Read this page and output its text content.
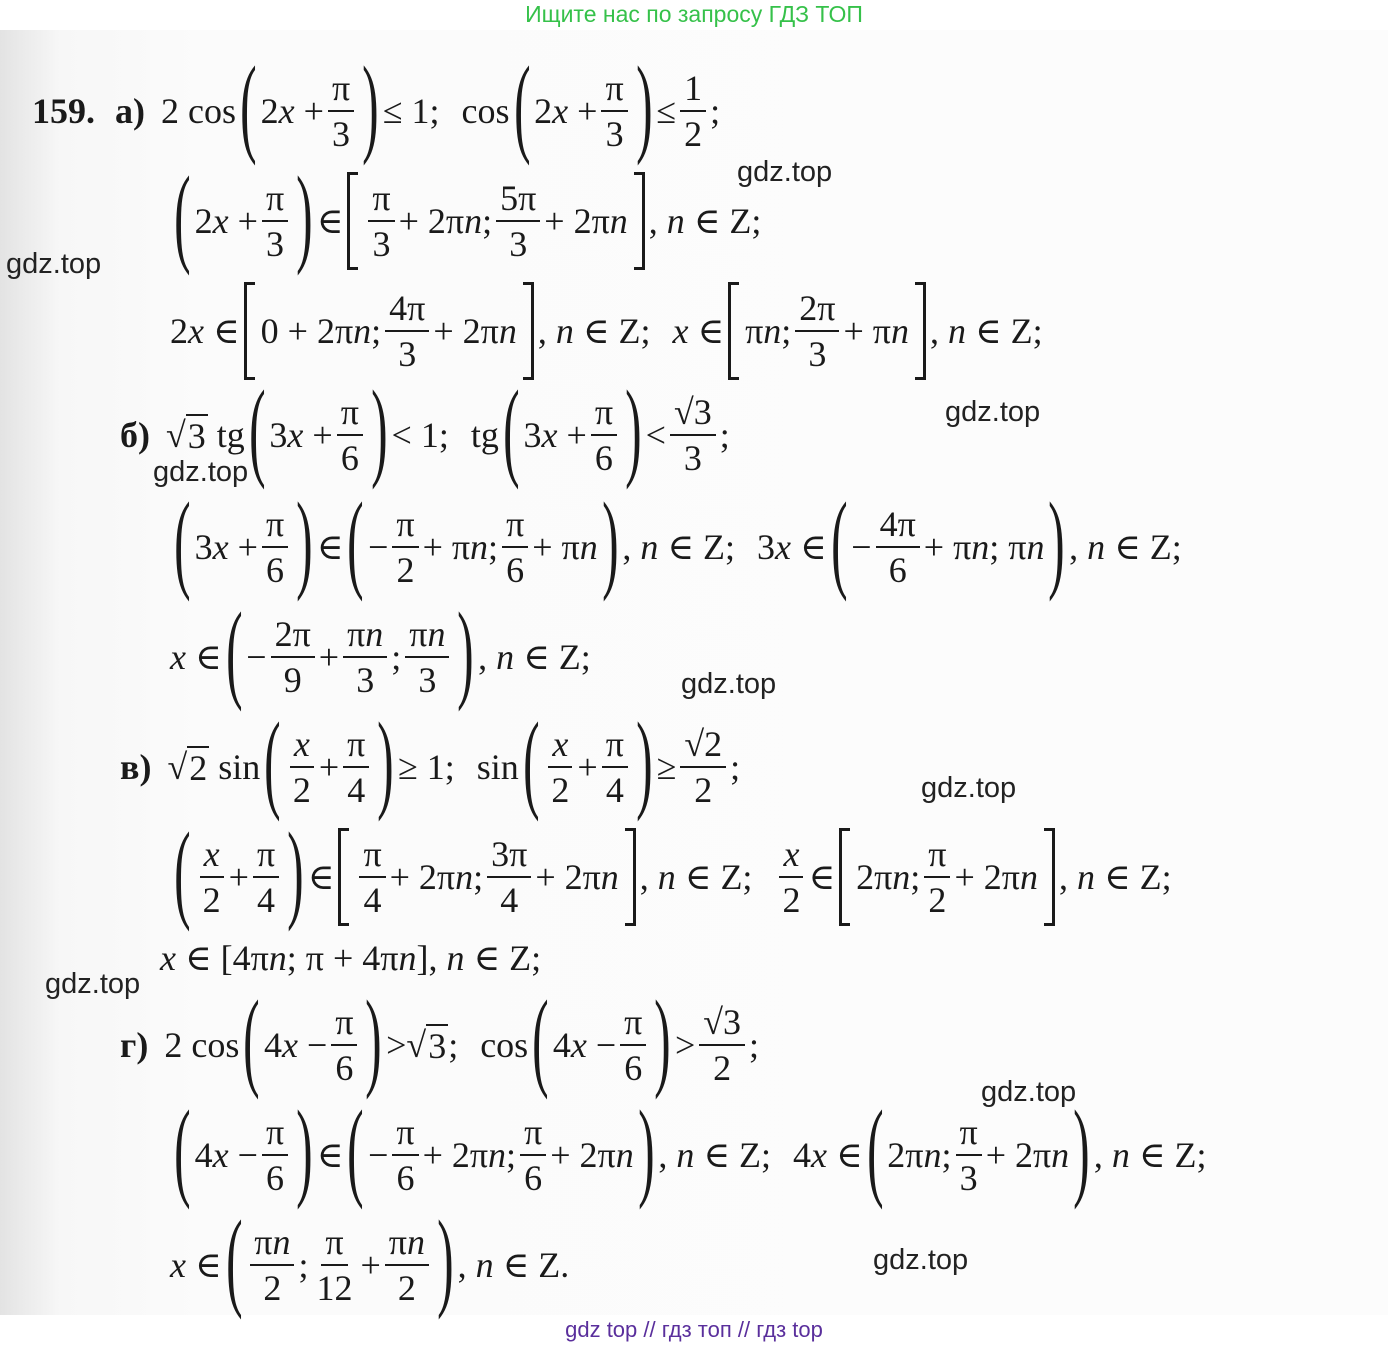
Ищите нас по запросу ГДЗ ТОП
159. а) 2 cos ( $2x + \frac{\pi}{3}$ ) ≤ 1; cos ( $2x + \frac{\pi}{3}$ ) ≤ $\frac{1}{2}$ ;
( $2x + \frac{\pi}{3}$ ) ∈
π
3
+ 2πn;
5π
3
+ 2πn , n ∈ Z;
2x ∈ 0 + 2πn;
4π
3
+ 2πn , n ∈ Z; x ∈ πn;
2π
3
+ πn , n ∈ Z;
б) √ 3 tg ( $3x + \frac{\pi}{6}$ ) < 1; tg ( $3x + \frac{\pi}{6}$ ) <
√3
3
;
( $3x + \frac{\pi}{6}$ ) ∈ ( − $\frac{\pi}{2} + \pi n$;
π
6
+ πn ) , n ∈ Z; 3x ∈ ( − $\frac{4\pi}{6} + \pi n$; πn ) , n ∈ Z;
x ∈ ( − $\frac{2\pi}{9} + \frac{\pi n}{3}$ ;
πn
3 ) , n ∈ Z;
в) √ 2 sin ( x
2
+ $\frac{\pi}{4}$ ) ≥ 1; sin ( x
2
+ $\frac{\pi}{4}$ ) ≥ $\frac{√2}{2}$ ;
( x
2
+ $\frac{\pi}{4}$ ) ∈
π
4
+ 2πn;
3π
4
+ 2πn , n ∈ Z;
x
2
∈ 2πn;
π
2
+ 2πn , n ∈ Z;
x ∈ [4πn; π + 4πn], n ∈ Z;
г) 2 cos ( $4x - \frac{\pi}{6}$ ) > √ 3 ; cos ( $4x - \frac{\pi}{6}$ ) >
√3
2
;
( $4x - \frac{\pi}{6}$ ) ∈ ( − $\frac{\pi}{6} + 2\pi n$;
π
6
+ 2πn ) , n ∈ Z; 4x ∈ ( 2πn;
π
3
+ 2πn ) , n ∈ Z;
x ∈ ( πn
2
;
π
12
+ $\frac{\pi n}{2}$ ) , n ∈ Z.
gdz.top
gdz.top
gdz.top
gdz.top
gdz.top
gdz.top
gdz.top
gdz.top
gdz.top
gdz top // гдз топ // гдз top
